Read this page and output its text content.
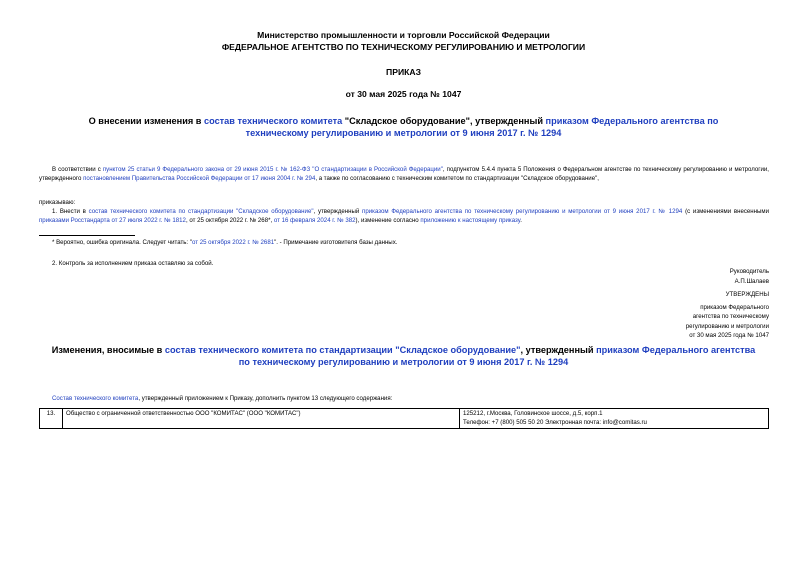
Министерство промышленности и торговли Российской Федерации
ФЕДЕРАЛЬНОЕ АГЕНТСТВО ПО ТЕХНИЧЕСКОМУ РЕГУЛИРОВАНИЮ И МЕТРОЛОГИИ
ПРИКАЗ
от 30 мая 2025 года № 1047
О внесении изменения в состав технического комитета "Складское оборудование", утвержденный приказом Федерального агентства по техническому регулированию и метрологии от 9 июня 2017 г. № 1294
В соответствии с пунктом 25 статьи 9 Федерального закона от 29 июня 2015 г. № 162-ФЗ "О стандартизации в Российской Федерации", подпунктом 5.4.4 пункта 5 Положения о Федеральном агентстве по техническому регулированию и метрологии, утвержденного постановлением Правительства Российской Федерации от 17 июня 2004 г. № 294, а также по согласованию с техническим комитетом по стандартизации "Складское оборудование",
приказываю:
1. Внести в состав технического комитета по стандартизации "Складское оборудование", утвержденный приказом Федерального агентства по техническому регулированию и метрологии от 9 июня 2017 г. № 1294 (с изменениями внесенными приказами Росстандарта от 27 июля 2022 г. № 1812, от 25 октября 2022 г. № 268*, от 16 февраля 2024 г. № 382), изменение согласно приложению к настоящему приказу.
* Вероятно, ошибка оригинала. Следует читать: "от 25 октября 2022 г. № 2681". - Примечание изготовителя базы данных.
2. Контроль за исполнением приказа оставляю за собой.
Руководитель
А.П.Шалаев
УТВЕРЖДЕНЫ
приказом Федерального
агентства по техническому
регулированию и метрологии
от 30 мая 2025 года № 1047
Изменения, вносимые в состав технического комитета по стандартизации "Складское оборудование", утвержденный приказом Федерального агентства по техническому регулированию и метрологии от 9 июня 2017 г. № 1294
Состав технического комитета, утвержденный приложением к Приказу, дополнить пунктом 13 следующего содержания:
13.	Общество с ограниченной ответственностью ООО "КОМИТАС" (ООО "КОМИТАС")	125212, г.Москва, Головинское шоссе, д.5, корп.1
Телефон: +7 (800) 505 50 20 Электронная почта: info@comitas.ru
